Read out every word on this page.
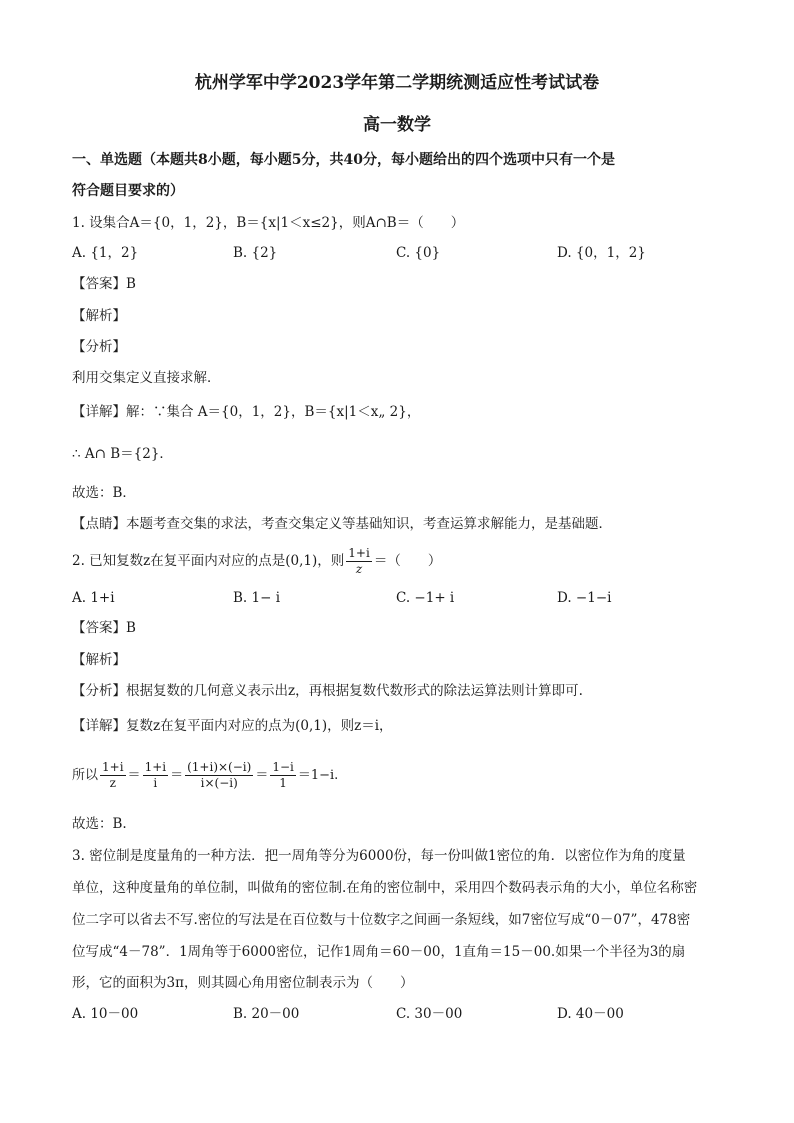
杭州学军中学2023学年第二学期统测适应性考试试卷
高一数学
一、单选题（本题共8小题，每小题5分，共40分，每小题给出的四个选项中只有一个是
符合题目要求的）
1. 设集合A＝{0，1，2}，B＝{x|1＜x≤2}，则A∩B＝（　　）
A. {1，2}	B. {2}	C. {0}	D. {0，1，2}
【答案】B
【解析】
【分析】
利用交集定义直接求解．
【详解】解：∵集合 A＝{0，1，2}，B＝{x|1＜x„ 2}，
∴ A∩ B＝{2}．
故选：B．
【点睛】本题考查交集的求法，考查交集定义等基础知识，考查运算求解能力，是基础题．
2. 已知复数z在复平面内对应的点是(0,1)，则 $\frac{1+i}{z}$ ＝（　　）
A. 1+i	B. 1− i	C. −1+ i	D. −1−i
【答案】B
【解析】
【分析】根据复数的几何意义表示出z，再根据复数代数形式的除法运算法则计算即可.
【详解】复数z在复平面内对应的点为(0,1)，则z＝i，
所以 $\frac{1+i}{z} = \frac{1+i}{i} = \frac{(1+i)\times(-i)}{i\times(-i)} = \frac{1-i}{1} =1-i$.
故选：B.
3. 密位制是度量角的一种方法．把一周角等分为6000份，每一份叫做1密位的角．以密位作为角的度量
单位，这种度量角的单位制，叫做角的密位制.在角的密位制中，采用四个数码表示角的大小，单位名称密
位二字可以省去不写.密位的写法是在百位数与十位数字之间画一条短线，如7密位写成“0－07”，478密
位写成“4－78”．1周角等于6000密位，记作1周角＝60－00，1直角＝15－00.如果一个半径为3的扇
形，它的面积为3π，则其圆心角用密位制表示为（　　）
A. 10－00	B. 20－00	C. 30－00	D. 40－00
